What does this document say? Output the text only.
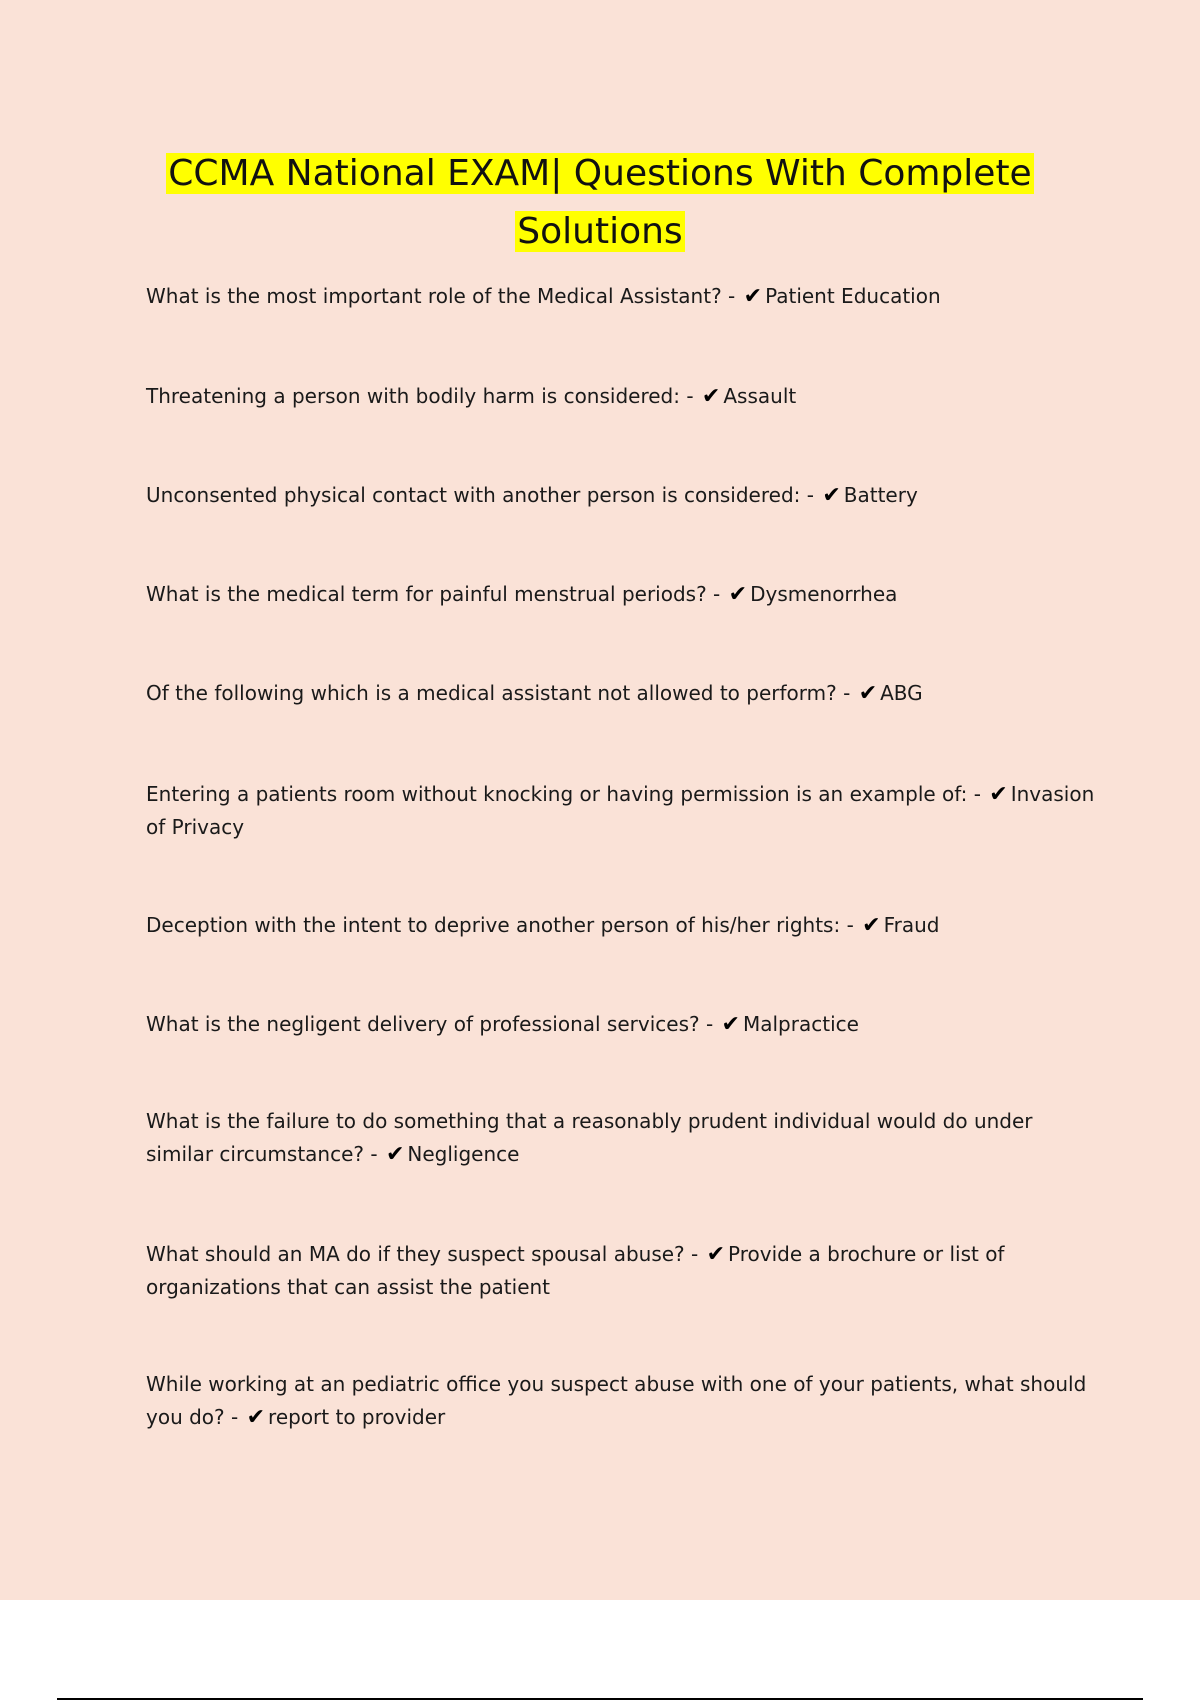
CCMA National EXAM| Questions With Complete
Solutions

What is the most important role of the Medical Assistant? - ✔ Patient Education

Threatening a person with bodily harm is considered: - ✔ Assault

Unconsented physical contact with another person is considered: - ✔ Battery

What is the medical term for painful menstrual periods? - ✔ Dysmenorrhea

Of the following which is a medical assistant not allowed to perform? - ✔ ABG

Entering a patients room without knocking or having permission is an example of: - ✔ Invasion of Privacy

Deception with the intent to deprive another person of his/her rights: - ✔ Fraud

What is the negligent delivery of professional services? - ✔ Malpractice

What is the failure to do something that a reasonably prudent individual would do under similar circumstance? - ✔ Negligence

What should an MA do if they suspect spousal abuse? - ✔ Provide a brochure or list of organizations that can assist the patient

While working at an pediatric office you suspect abuse with one of your patients, what should you do? - ✔ report to provider
